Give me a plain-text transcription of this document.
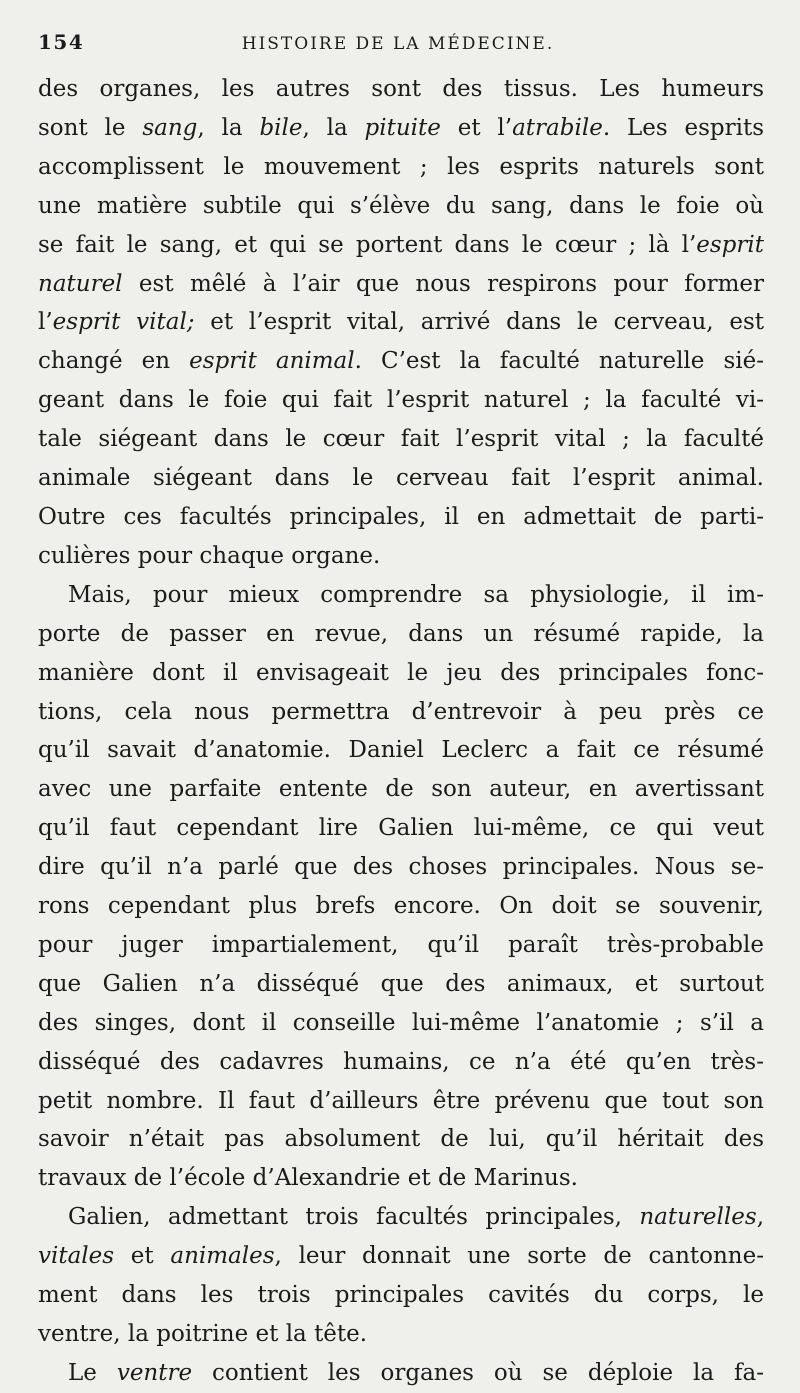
154	HISTOIRE DE LA MÉDECINE.
des organes, les autres sont des tissus. Les humeurs
sont le sang, la bile, la pituite et l’atrabile. Les esprits
accomplissent le mouvement ; les esprits naturels sont
une matière subtile qui s’élève du sang, dans le foie où
se fait le sang, et qui se portent dans le cœur ; là l’esprit
naturel est mêlé à l’air que nous respirons pour former
l’esprit vital; et l’esprit vital, arrivé dans le cerveau, est
changé en esprit animal. C’est la faculté naturelle sié-
geant dans le foie qui fait l’esprit naturel ; la faculté vi-
tale siégeant dans le cœur fait l’esprit vital ; la faculté
animale siégeant dans le cerveau fait l’esprit animal.
Outre ces facultés principales, il en admettait de parti-
culières pour chaque organe.
Mais, pour mieux comprendre sa physiologie, il im-
porte de passer en revue, dans un résumé rapide, la
manière dont il envisageait le jeu des principales fonc-
tions, cela nous permettra d’entrevoir à peu près ce
qu’il savait d’anatomie. Daniel Leclerc a fait ce résumé
avec une parfaite entente de son auteur, en avertissant
qu’il faut cependant lire Galien lui-même, ce qui veut
dire qu’il n’a parlé que des choses principales. Nous se-
rons cependant plus brefs encore. On doit se souvenir,
pour juger impartialement, qu’il paraît très-probable
que Galien n’a disséqué que des animaux, et surtout
des singes, dont il conseille lui-même l’anatomie ; s’il a
disséqué des cadavres humains, ce n’a été qu’en très-
petit nombre. Il faut d’ailleurs être prévenu que tout son
savoir n’était pas absolument de lui, qu’il héritait des
travaux de l’école d’Alexandrie et de Marinus.
Galien, admettant trois facultés principales, naturelles,
vitales et animales, leur donnait une sorte de cantonne-
ment dans les trois principales cavités du corps, le
ventre, la poitrine et la tête.
Le ventre contient les organes où se déploie la fa-
